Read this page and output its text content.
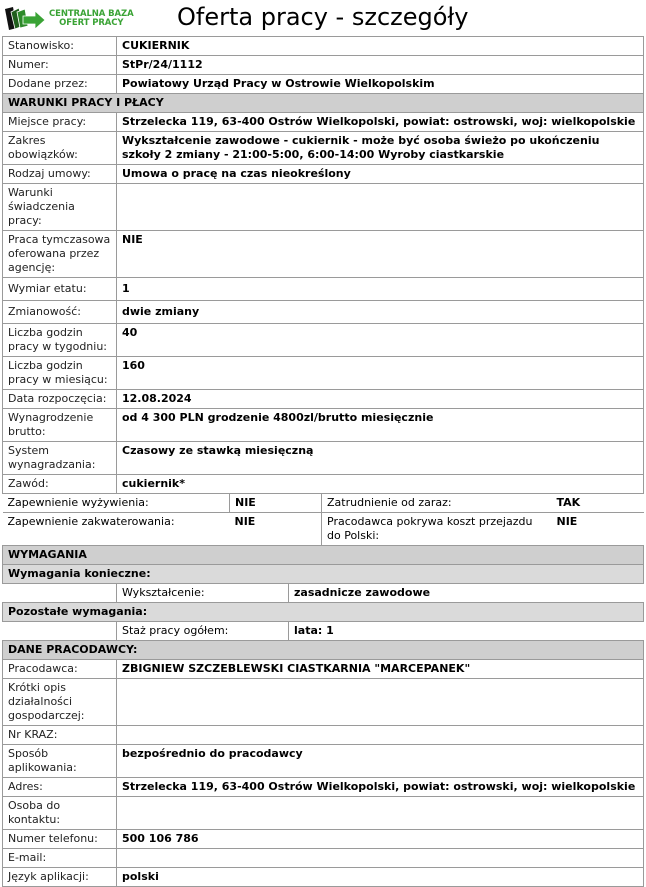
CENTRALNA BAZA
OFERT PRACY	Oferta pracy - szczegóły
Stanowisko:	CUKIERNIK
Numer:	StPr/24/1112
Dodane przez:	Powiatowy Urząd Pracy w Ostrowie Wielkopolskim
WARUNKI PRACY I PŁACY
Miejsce pracy:	Strzelecka 119, 63-400 Ostrów Wielkopolski, powiat: ostrowski, woj: wielkopolskie
Zakres obowiązków:	Wykształcenie zawodowe - cukiernik - może być osoba świeżo po ukończeniu szkoły 2 zmiany - 21:00-5:00, 6:00-14:00 Wyroby ciastkarskie
Rodzaj umowy:	Umowa o pracę na czas nieokreślony
Warunki świadczenia pracy:	
Praca tymczasowa oferowana przez agencję:	NIE
Wymiar etatu:	1
Zmianowość:	dwie zmiany
Liczba godzin pracy w tygodniu:	40
Liczba godzin pracy w miesiącu:	160
Data rozpoczęcia:	12.08.2024
Wynagrodzenie brutto:	od 4 300 PLN grodzenie 4800zl/brutto miesięcznie
System wynagradzania:	Czasowy ze stawką miesięczną
Zawód:	cukiernik*

Zapewnienie wyżywienia:	NIE	Zatrudnienie od zaraz:	TAK
Zapewnienie zakwaterowania:	NIE	Pracodawca pokrywa koszt przejazdu do Polski:	NIE

WYMAGANIA
Wymagania konieczne:

	Wykształcenie:	zasadnicze zawodowe

Pozostałe wymagania:

	Staż pracy ogółem:	lata: 1

DANE PRACODAWCY:
Pracodawca:	ZBIGNIEW SZCZEBLEWSKI CIASTKARNIA "MARCEPANEK"
Krótki opis działalności gospodarczej:	
Nr KRAZ:	
Sposób aplikowania:	bezpośrednio do pracodawcy
Adres:	Strzelecka 119, 63-400 Ostrów Wielkopolski, powiat: ostrowski, woj: wielkopolskie
Osoba do kontaktu:	
Numer telefonu:	500 106 786
E-mail:	
Język aplikacji:	polski
